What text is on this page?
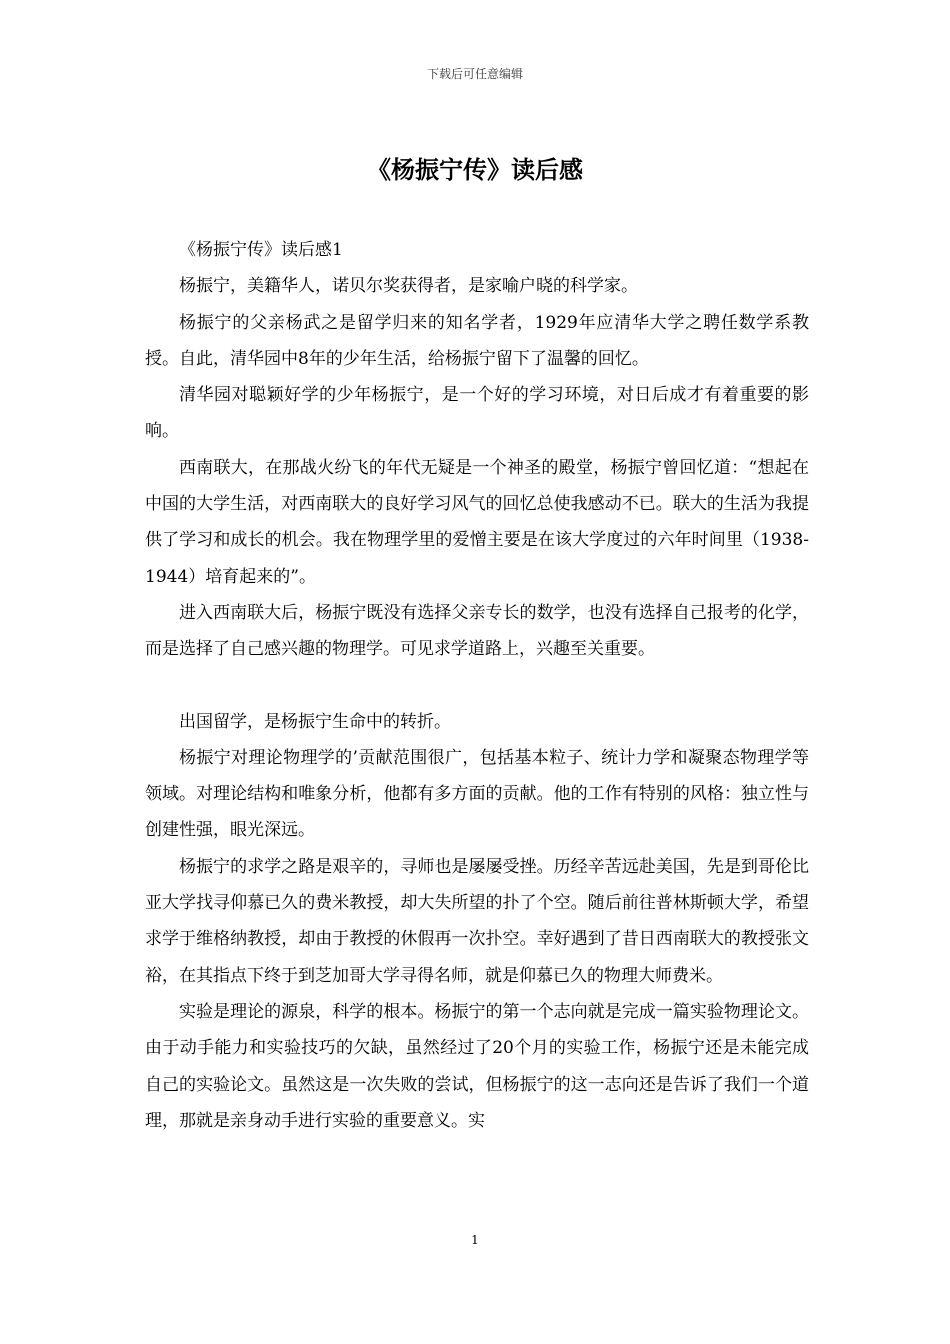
下载后可任意编辑
《杨振宁传》读后感

《杨振宁传》读后感1

杨振宁，美籍华人，诺贝尔奖获得者，是家喻户晓的科学家。

杨振宁的父亲杨武之是留学归来的知名学者，1929年应清华大学之聘任数学系教授。自此，清华园中8年的少年生活，给杨振宁留下了温馨的回忆。

清华园对聪颖好学的少年杨振宁，是一个好的学习环境，对日后成才有着重要的影响。

西南联大，在那战火纷飞的年代无疑是一个神圣的殿堂，杨振宁曾回忆道：“想起在中国的大学生活，对西南联大的良好学习风气的回忆总使我感动不已。联大的生活为我提供了学习和成长的机会。我在物理学里的爱憎主要是在该大学度过的六年时间里（1938-1944）培育起来的”。

进入西南联大后，杨振宁既没有选择父亲专长的数学，也没有选择自己报考的化学，而是选择了自己感兴趣的物理学。可见求学道路上，兴趣至关重要。

出国留学，是杨振宁生命中的转折。

杨振宁对理论物理学的’贡献范围很广，包括基本粒子、统计力学和凝聚态物理学等领域。对理论结构和唯象分析，他都有多方面的贡献。他的工作有特别的风格：独立性与创建性强，眼光深远。

杨振宁的求学之路是艰辛的，寻师也是屡屡受挫。历经辛苦远赴美国，先是到哥伦比亚大学找寻仰慕已久的费米教授，却大失所望的扑了个空。随后前往普林斯顿大学，希望求学于维格纳教授，却由于教授的休假再一次扑空。幸好遇到了昔日西南联大的教授张文裕，在其指点下终于到芝加哥大学寻得名师，就是仰慕已久的物理大师费米。

实验是理论的源泉，科学的根本。杨振宁的第一个志向就是完成一篇实验物理论文。由于动手能力和实验技巧的欠缺，虽然经过了20个月的实验工作，杨振宁还是未能完成自己的实验论文。虽然这是一次失败的尝试，但杨振宁的这一志向还是告诉了我们一个道理，那就是亲身动手进行实验的重要意义。实

1
